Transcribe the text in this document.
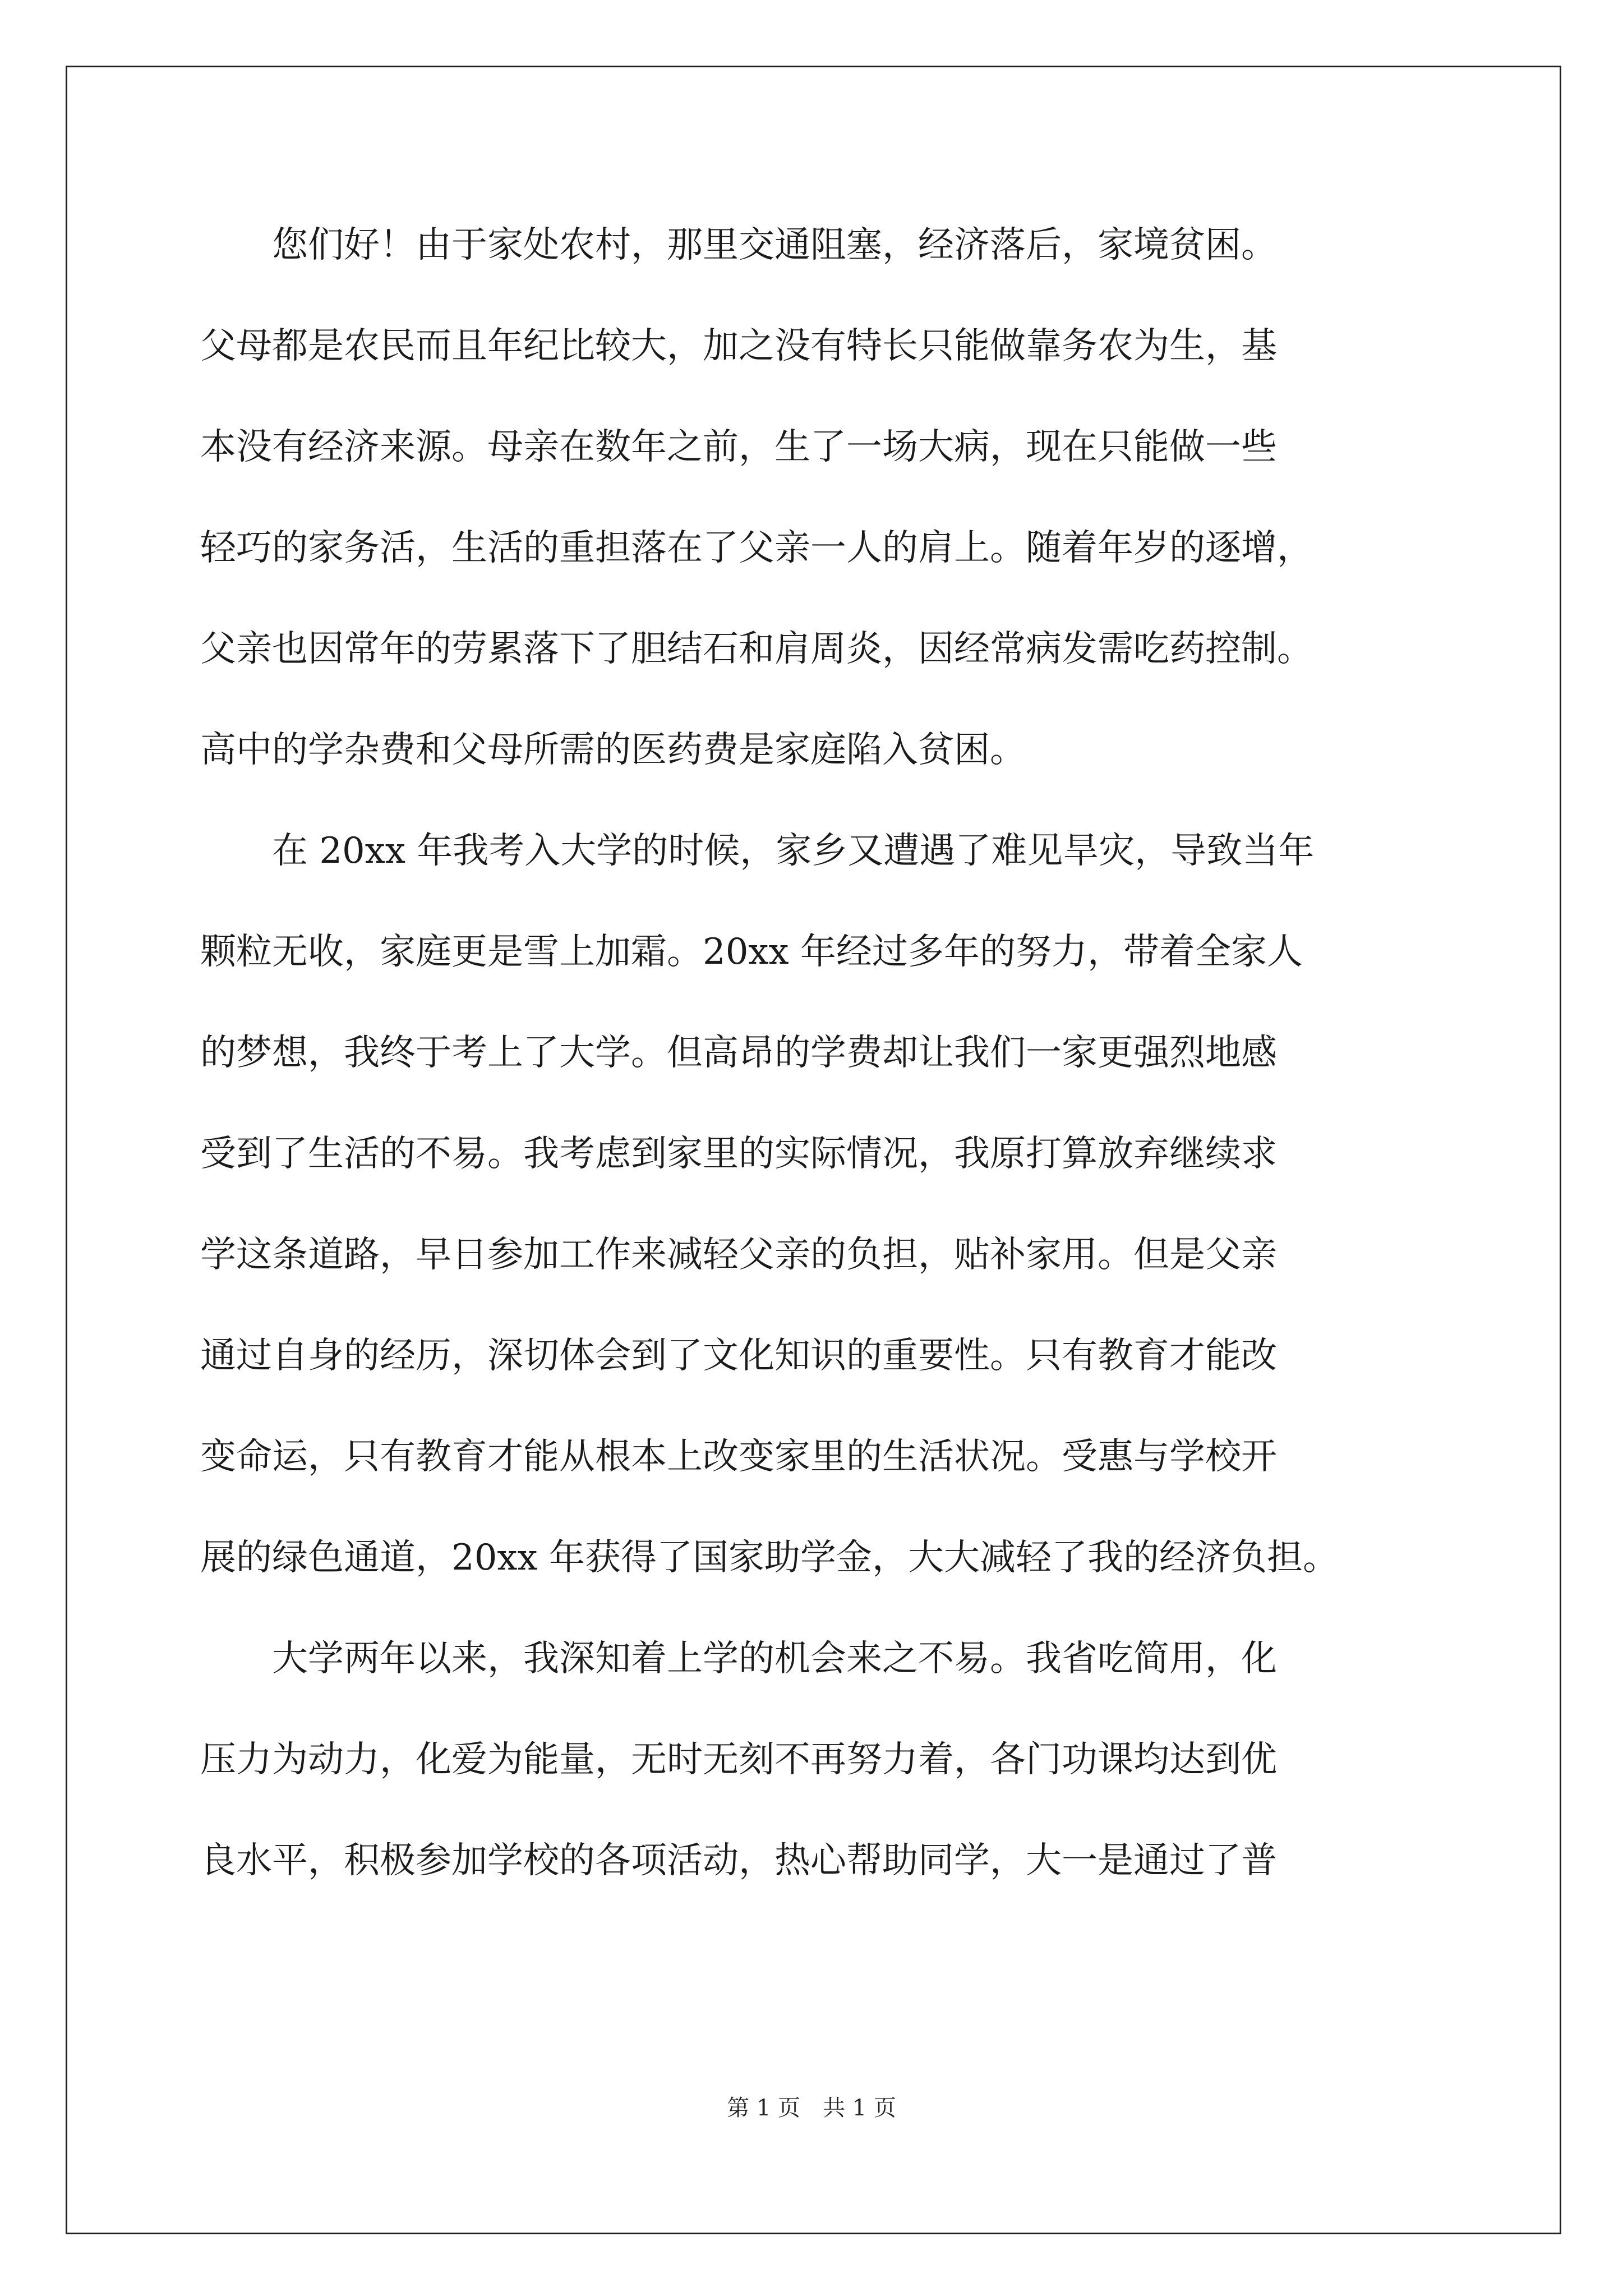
　　您们好！由于家处农村，那里交通阻塞，经济落后，家境贫困。
父母都是农民而且年纪比较大，加之没有特长只能做靠务农为生，基
本没有经济来源。母亲在数年之前，生了一场大病，现在只能做一些
轻巧的家务活，生活的重担落在了父亲一人的肩上。随着年岁的逐增，
父亲也因常年的劳累落下了胆结石和肩周炎，因经常病发需吃药控制。
高中的学杂费和父母所需的医药费是家庭陷入贫困。
　　在 20xx 年我考入大学的时候，家乡又遭遇了难见旱灾，导致当年
颗粒无收，家庭更是雪上加霜。20xx 年经过多年的努力，带着全家人
的梦想，我终于考上了大学。但高昂的学费却让我们一家更强烈地感
受到了生活的不易。我考虑到家里的实际情况，我原打算放弃继续求
学这条道路，早日参加工作来减轻父亲的负担，贴补家用。但是父亲
通过自身的经历，深切体会到了文化知识的重要性。只有教育才能改
变命运，只有教育才能从根本上改变家里的生活状况。受惠与学校开
展的绿色通道，20xx 年获得了国家助学金，大大减轻了我的经济负担。
　　大学两年以来，我深知着上学的机会来之不易。我省吃简用，化
压力为动力，化爱为能量，无时无刻不再努力着，各门功课均达到优
良水平，积极参加学校的各项活动，热心帮助同学，大一是通过了普
第 1 页　共 1 页
